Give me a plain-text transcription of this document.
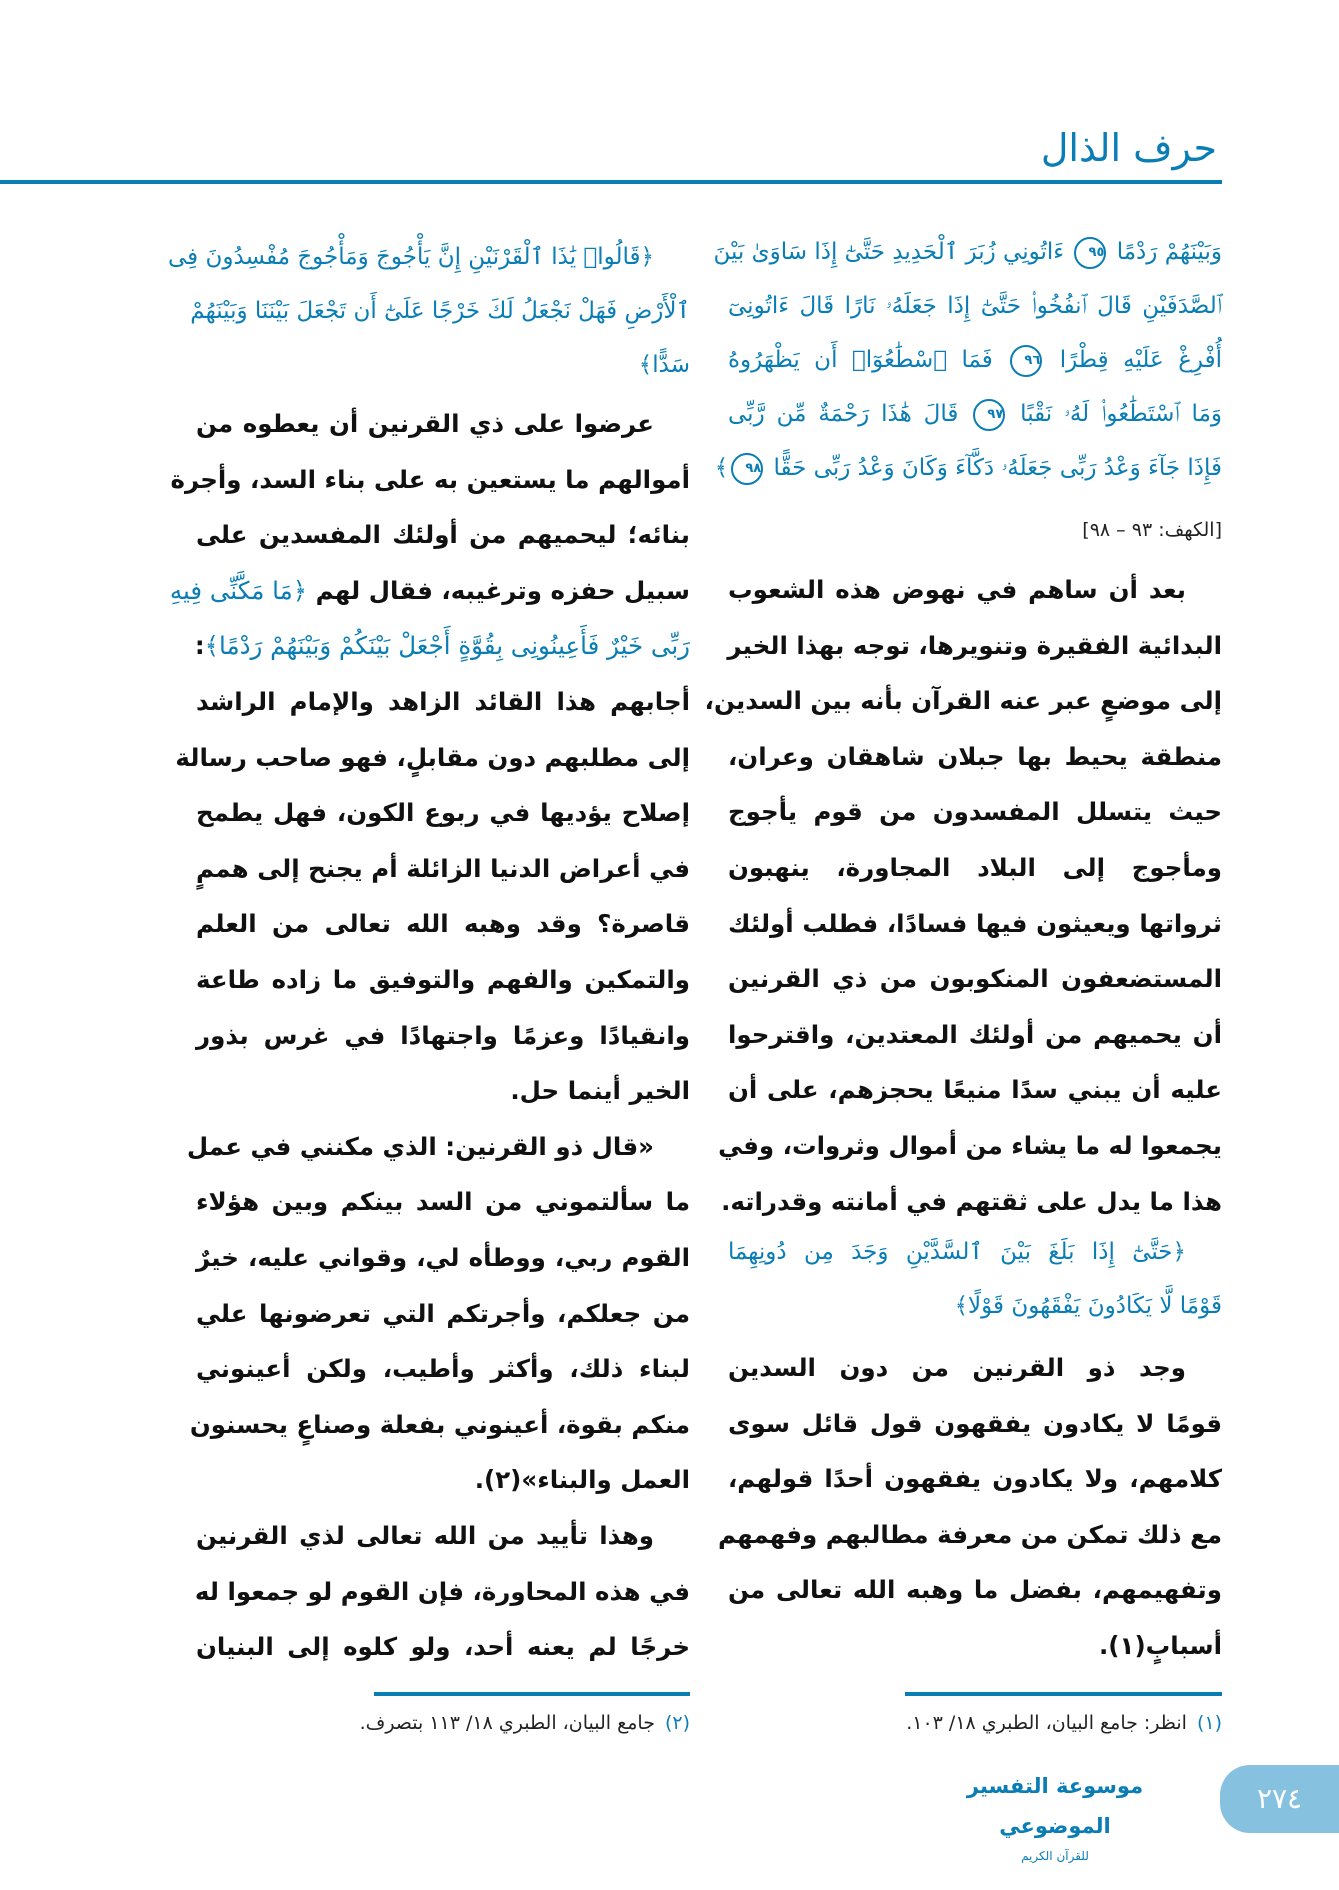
حرف الذال
وَبَيْنَهُمْ رَدْمًا ٩٥ ءَاتُونِي زُبَرَ ٱلْحَدِيدِ حَتَّىٰٓ إِذَا سَاوَىٰ بَيْنَ
ٱلصَّدَفَيْنِ قَالَ ٱنفُخُوا۟ حَتَّىٰٓ إِذَا جَعَلَهُۥ نَارًا قَالَ ءَاتُونِىٓ
أُفْرِغْ عَلَيْهِ قِطْرًا ٩٦ فَمَا ٱسْطَٰعُوٓا۟ أَن يَظْهَرُوهُ
وَمَا ٱسْتَطَٰعُوا۟ لَهُۥ نَقْبًا ٩٧ قَالَ هَٰذَا رَحْمَةٌ مِّن رَّبِّى
فَإِذَا جَآءَ وَعْدُ رَبِّى جَعَلَهُۥ دَكَّآءَ وَكَانَ وَعْدُ رَبِّى حَقًّا ٩٨﴾
[الكهف: ٩٣ – ٩٨]
بعد أن ساهم في نهوض هذه الشعوب
البدائية الفقيرة وتنويرها، توجه بهذا الخير
إلى موضعٍ عبر عنه القرآن بأنه بين السدين،
منطقة يحيط بها جبلان شاهقان وعران،
حيث يتسلل المفسدون من قوم يأجوج
ومأجوج إلى البلاد المجاورة، ينهبون
ثرواتها ويعيثون فيها فسادًا، فطلب أولئك
المستضعفون المنكوبون من ذي القرنين
أن يحميهم من أولئك المعتدين، واقترحوا
عليه أن يبني سدًا منيعًا يحجزهم، على أن
يجمعوا له ما يشاء من أموال وثروات، وفي
هذا ما يدل على ثقتهم في أمانته وقدراته.
﴿حَتَّىٰٓ إِذَا بَلَغَ بَيْنَ ٱلسَّدَّيْنِ وَجَدَ مِن دُونِهِمَا
قَوْمًا لَّا يَكَادُونَ يَفْقَهُونَ قَوْلًا﴾
وجد ذو القرنين من دون السدين
قومًا لا يكادون يفقهون قول قائل سوى
كلامهم، ولا يكادون يفقهون أحدًا قولهم،
مع ذلك تمكن من معرفة مطالبهم وفهمهم
وتفهيمهم، بفضل ما وهبه الله تعالى من
أسبابٍ(١).
﴿قَالُوا۟ يَٰذَا ٱلْقَرْنَيْنِ إِنَّ يَأْجُوجَ وَمَأْجُوجَ مُفْسِدُونَ فِى
ٱلْأَرْضِ فَهَلْ نَجْعَلُ لَكَ خَرْجًا عَلَىٰٓ أَن تَجْعَلَ بَيْنَنَا وَبَيْنَهُمْ
سَدًّا﴾
عرضوا على ذي القرنين أن يعطوه من
أموالهم ما يستعين به على بناء السد، وأجرة
بنائه؛ ليحميهم من أولئك المفسدين على
سبيل حفزه وترغيبه، فقال لهم ﴿مَا مَكَّنِّى فِيهِ
رَبِّى خَيْرٌ فَأَعِينُونِى بِقُوَّةٍ أَجْعَلْ بَيْنَكُمْ وَبَيْنَهُمْ رَدْمًا﴾:
أجابهم هذا القائد الزاهد والإمام الراشد
إلى مطلبهم دون مقابلٍ، فهو صاحب رسالة
إصلاح يؤديها في ربوع الكون، فهل يطمح
في أعراض الدنيا الزائلة أم يجنح إلى هممٍ
قاصرة؟ وقد وهبه الله تعالى من العلم
والتمكين والفهم والتوفيق ما زاده طاعة
وانقيادًا وعزمًا واجتهادًا في غرس بذور
الخير أينما حل.
«قال ذو القرنين: الذي مكنني في عمل
ما سألتموني من السد بينكم وبين هؤلاء
القوم ربي، ووطأه لي، وقواني عليه، خيرٌ
من جعلكم، وأجرتكم التي تعرضونها علي
لبناء ذلك، وأكثر وأطيب، ولكن أعينوني
منكم بقوة، أعينوني بفعلة وصناعٍ يحسنون
العمل والبناء»(٢).
وهذا تأييد من الله تعالى لذي القرنين
في هذه المحاورة، فإن القوم لو جمعوا له
خرجًا لم يعنه أحد، ولو كلوه إلى البنيان
(١)انظر: جامع البيان، الطبري ١٨/ ١٠٣.
(٢)جامع البيان، الطبري ١٨/ ١١٣ بتصرف.
موسوعة التفسير الموضوعي
للقرآن الكريم
٢٧٤
